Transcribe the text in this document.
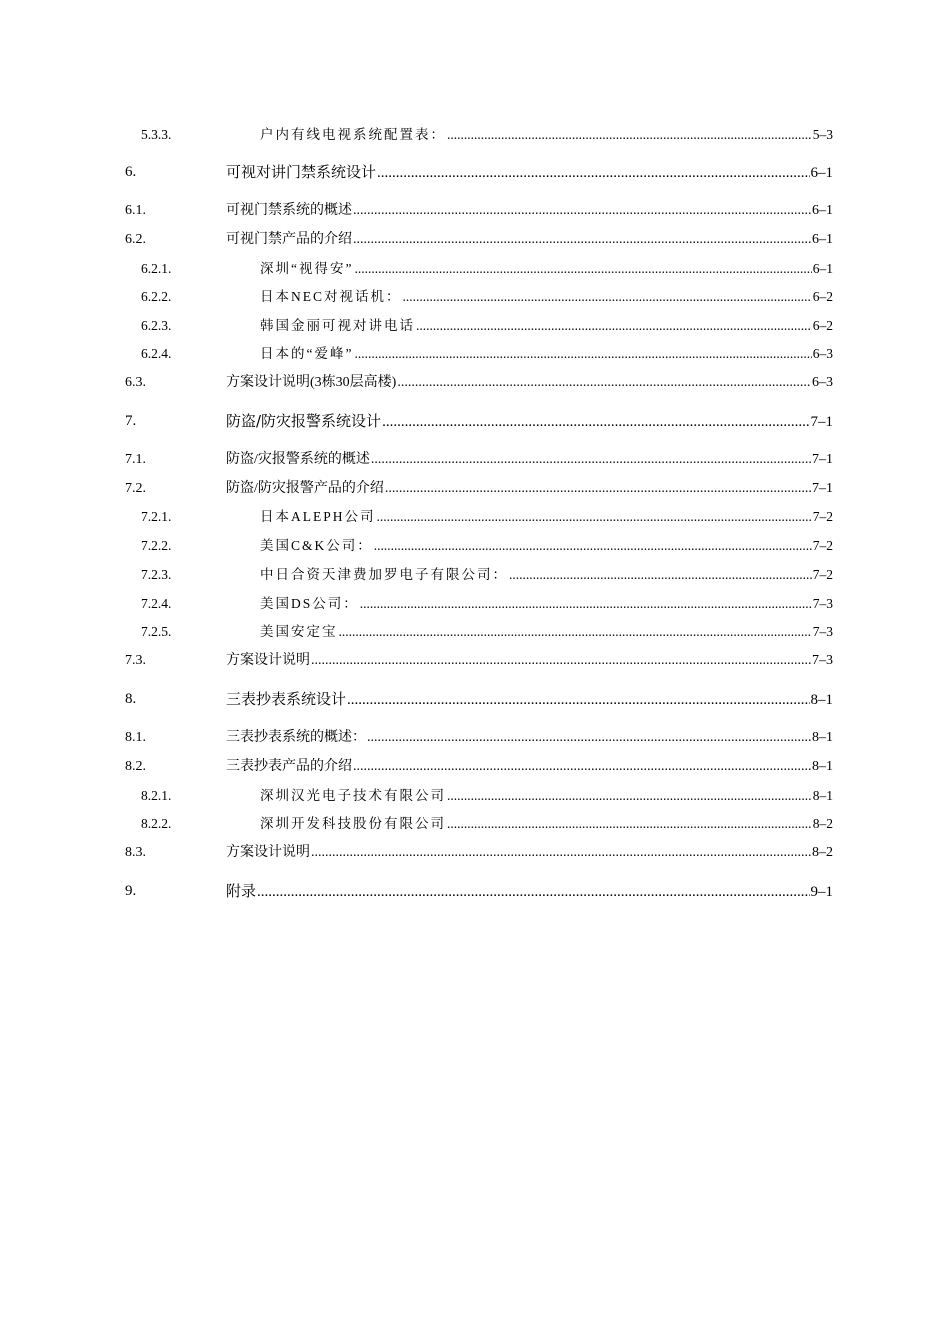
5.3.3.	户内有线电视系统配置表： .....	5–3
6.	可视对讲门禁系统设计 .....	6–1
6.1.	可视门禁系统的概述 .....	6–1
6.2.	可视门禁产品的介绍 .....	6–1
6.2.1.	深圳“视得安” .....	6–1
6.2.2.	日本NEC对视话机： .....	6–2
6.2.3.	韩国金丽可视对讲电话 .....	6–2
6.2.4.	日本的“爱峰” .....	6–3
6.3.	方案设计说明(3栋30层高楼) .....	6–3
7.	防盗/防灾报警系统设计 .....	7–1
7.1.	防盗/灾报警系统的概述 .....	7–1
7.2.	防盗/防灾报警产品的介绍 .....	7–1
7.2.1.	日本ALEPH公司 .....	7–2
7.2.2.	美国C&K公司： .....	7–2
7.2.3.	中日合资天津费加罗电子有限公司： .....	7–2
7.2.4.	美国DS公司： .....	7–3
7.2.5.	美国安定宝 .....	7–3
7.3.	方案设计说明 .....	7–3
8.	三表抄表系统设计 .....	8–1
8.1.	三表抄表系统的概述： .....	8–1
8.2.	三表抄表产品的介绍 .....	8–1
8.2.1.	深圳汉光电子技术有限公司 .....	8–1
8.2.2.	深圳开发科技股份有限公司 .....	8–2
8.3.	方案设计说明 .....	8–2
9.	附录 .....	9–1
